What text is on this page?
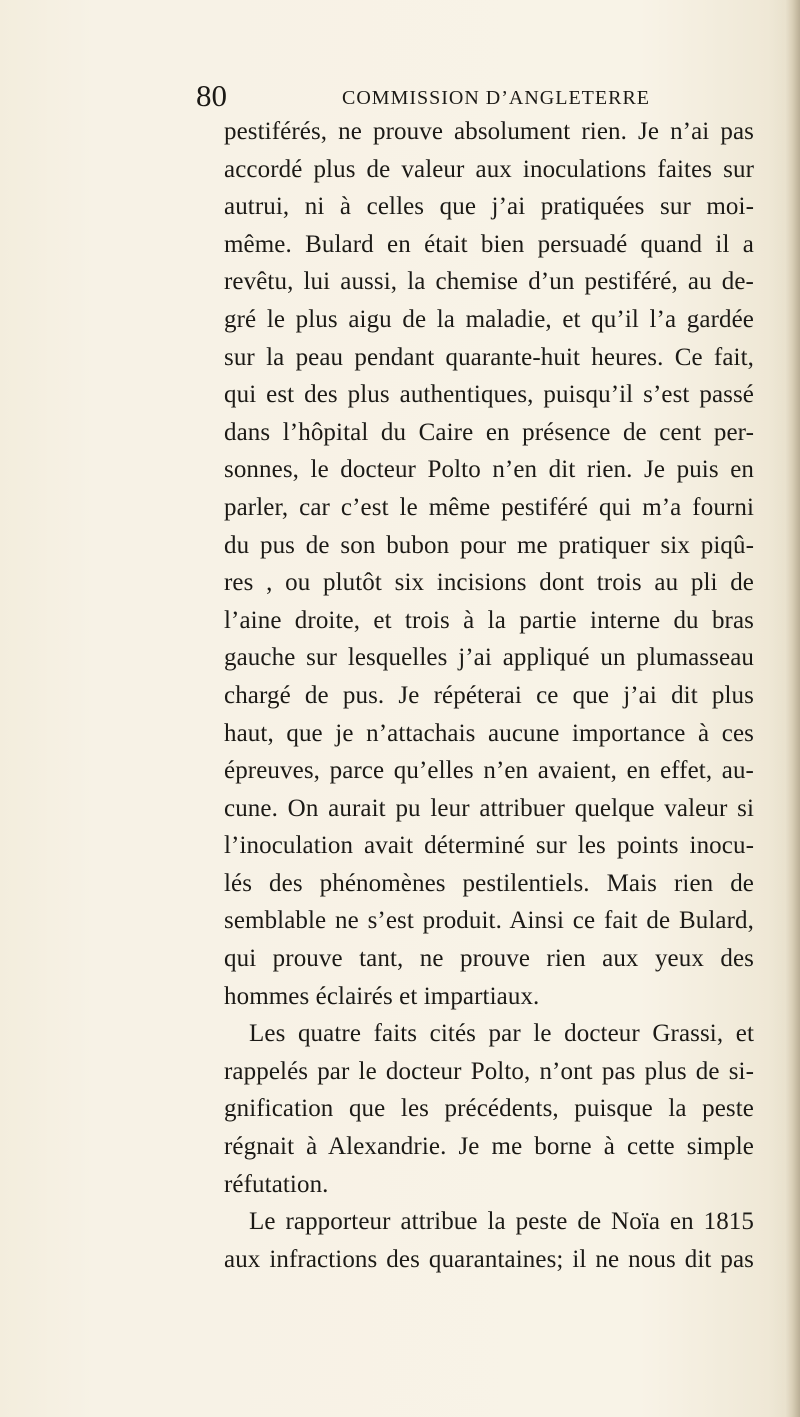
80	COMMISSION D’ANGLETERRE
pestiférés, ne prouve absolument rien. Je n’ai pas
accordé plus de valeur aux inoculations faites sur
autrui, ni à celles que j’ai pratiquées sur moi-
même. Bulard en était bien persuadé quand il a
revêtu, lui aussi, la chemise d’un pestiféré, au de-
gré le plus aigu de la maladie, et qu’il l’a gardée
sur la peau pendant quarante-huit heures. Ce fait,
qui est des plus authentiques, puisqu’il s’est passé
dans l’hôpital du Caire en présence de cent per-
sonnes, le docteur Polto n’en dit rien. Je puis en
parler, car c’est le même pestiféré qui m’a fourni
du pus de son bubon pour me pratiquer six piqû-
res , ou plutôt six incisions dont trois au pli de
l’aine droite, et trois à la partie interne du bras
gauche sur lesquelles j’ai appliqué un plumasseau
chargé de pus. Je répéterai ce que j’ai dit plus
haut, que je n’attachais aucune importance à ces
épreuves, parce qu’elles n’en avaient, en effet, au-
cune. On aurait pu leur attribuer quelque valeur si
l’inoculation avait déterminé sur les points inocu-
lés des phénomènes pestilentiels. Mais rien de
semblable ne s’est produit. Ainsi ce fait de Bulard,
qui prouve tant, ne prouve rien aux yeux des
hommes éclairés et impartiaux.
Les quatre faits cités par le docteur Grassi, et
rappelés par le docteur Polto, n’ont pas plus de si-
gnification que les précédents, puisque la peste
régnait à Alexandrie. Je me borne à cette simple
réfutation.
Le rapporteur attribue la peste de Noïa en 1815
aux infractions des quarantaines; il ne nous dit pas
